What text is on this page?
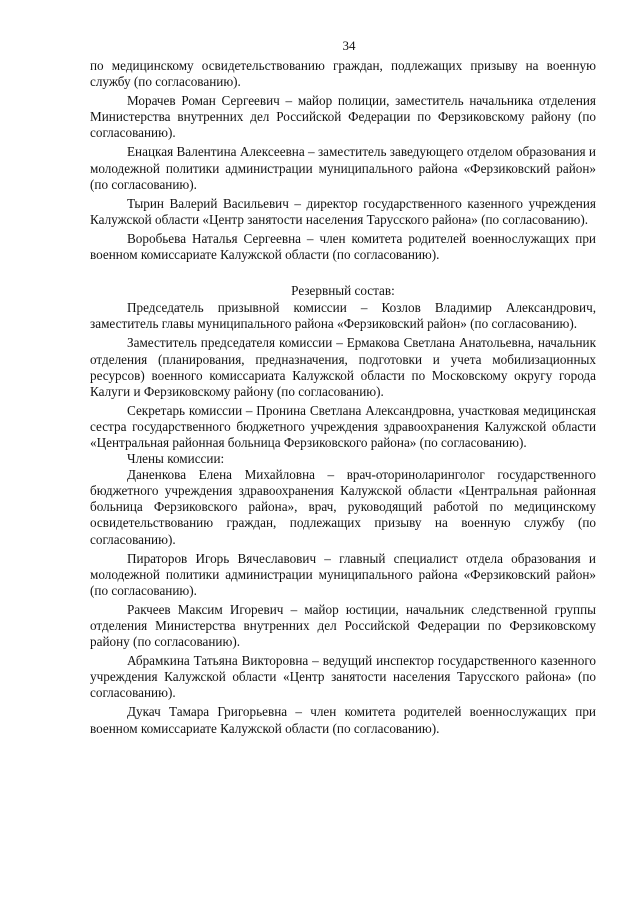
34

по медицинскому освидетельствованию граждан, подлежащих призыву на военную службу (по согласованию).

Морачев Роман Сергеевич – майор полиции, заместитель начальника отделения Министерства внутренних дел Российской Федерации по Ферзиковскому району (по согласованию).

Енацкая Валентина Алексеевна – заместитель заведующего отделом образования и молодежной политики администрации муниципального района «Ферзиковский район» (по согласованию).

Тырин Валерий Васильевич – директор государственного казенного учреждения Калужской области «Центр занятости населения Тарусского района» (по согласованию).

Воробьева Наталья Сергеевна – член комитета родителей военнослужащих при военном комиссариате Калужской области (по согласованию).

Резервный состав:

Председатель призывной комиссии – Козлов Владимир Александрович, заместитель главы муниципального района «Ферзиковский район» (по согласованию).

Заместитель председателя комиссии – Ермакова Светлана Анатольевна, начальник отделения (планирования, предназначения, подготовки и учета мобилизационных ресурсов) военного комиссариата Калужской области по Московскому округу города Калуги и Ферзиковскому району (по согласованию).

Секретарь комиссии – Пронина Светлана Александровна, участковая медицинская сестра государственного бюджетного учреждения здравоохранения Калужской области «Центральная районная больница Ферзиковского района» (по согласованию).

Члены комиссии:

Даненкова Елена Михайловна – врач-оториноларинголог государственного бюджетного учреждения здравоохранения Калужской области «Центральная районная больница Ферзиковского района», врач, руководящий работой по медицинскому освидетельствованию граждан, подлежащих призыву на военную службу (по согласованию).

Пираторов Игорь Вячеславович – главный специалист отдела образования и молодежной политики администрации муниципального района «Ферзиковский район» (по согласованию).

Ракчеев Максим Игоревич – майор юстиции, начальник следственной группы отделения Министерства внутренних дел Российской Федерации по Ферзиковскому району (по согласованию).

Абрамкина Татьяна Викторовна – ведущий инспектор государственного казенного учреждения Калужской области «Центр занятости населения Тарусского района» (по согласованию).

Дукач Тамара Григорьевна – член комитета родителей военнослужащих при военном комиссариате Калужской области (по согласованию).
